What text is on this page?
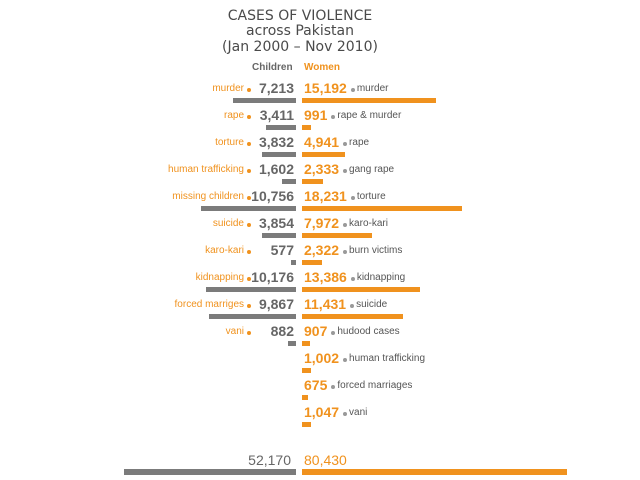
CASES OF VIOLENCE
across Pakistan
(Jan 2000 – Nov 2010)
Children Women
murder 7,213 15,192 murder
rape 3,411 991 rape & murder
torture 3,832 4,941 rape
human trafficking 1,602 2,333 gang rape
missing children 10,756 18,231 torture
suicide 3,854 7,972 karo-kari
karo-kari 577 2,322 burn victims
kidnapping 10,176 13,386 kidnapping
forced marriges 9,867 11,431 suicide
vani 882 907 hudood cases
1,002 human trafficking
675 forced marriages
1,047 vani
52,170 80,430
